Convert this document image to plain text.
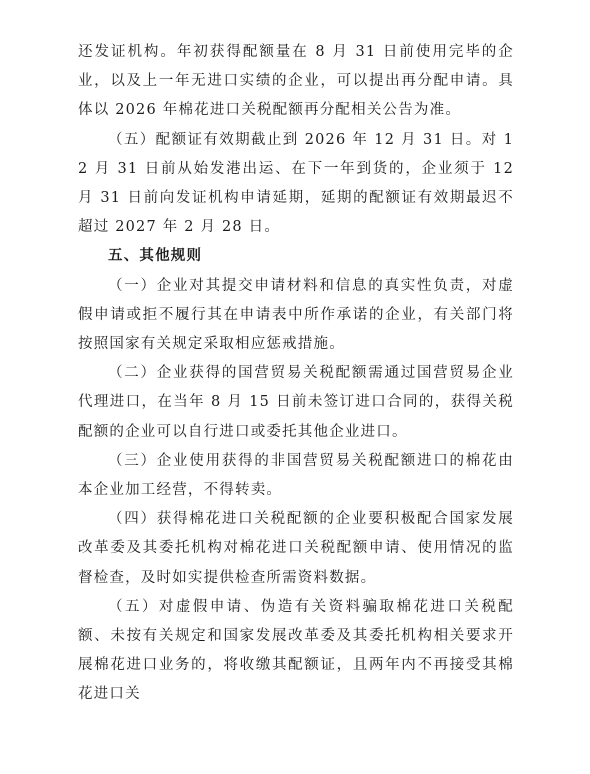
还发证机构。年初获得配额量在 8 月 31 日前使用完毕的企业，以及上一年无进口实绩的企业，可以提出再分配申请。具体以 2026 年棉花进口关税配额再分配相关公告为准。

（五）配额证有效期截止到 2026 年 12 月 31 日。对 12 月 31 日前从始发港出运、在下一年到货的，企业须于 12 月 31 日前向发证机构申请延期，延期的配额证有效期最迟不超过 2027 年 2 月 28 日。

五、其他规则

（一）企业对其提交申请材料和信息的真实性负责，对虚假申请或拒不履行其在申请表中所作承诺的企业，有关部门将按照国家有关规定采取相应惩戒措施。

（二）企业获得的国营贸易关税配额需通过国营贸易企业代理进口，在当年 8 月 15 日前未签订进口合同的，获得关税配额的企业可以自行进口或委托其他企业进口。

（三）企业使用获得的非国营贸易关税配额进口的棉花由本企业加工经营，不得转卖。

（四）获得棉花进口关税配额的企业要积极配合国家发展改革委及其委托机构对棉花进口关税配额申请、使用情况的监督检查，及时如实提供检查所需资料数据。

（五）对虚假申请、伪造有关资料骗取棉花进口关税配额、未按有关规定和国家发展改革委及其委托机构相关要求开展棉花进口业务的，将收缴其配额证，且两年内不再接受其棉花进口关
